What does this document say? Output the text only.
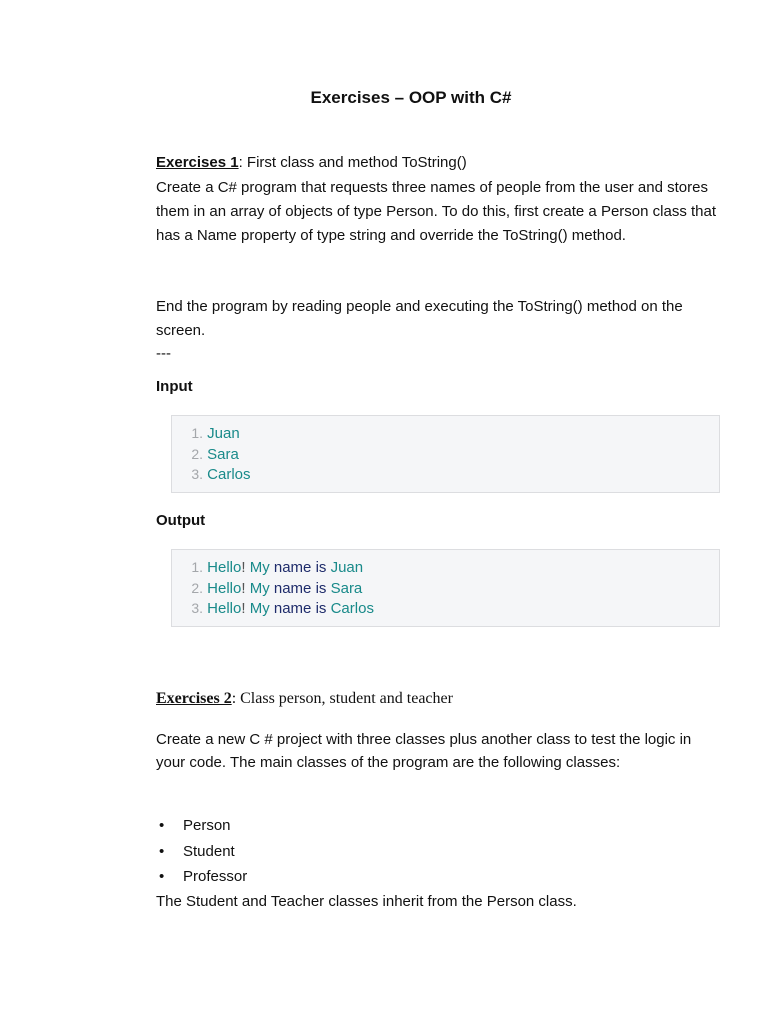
Exercises – OOP with C#

Exercises 1: First class and method ToString()

Create a C# program that requests three names of people from the user and stores them in an array of objects of type Person. To do this, first create a Person class that has a Name property of type string and override the ToString() method.

End the program by reading people and executing the ToString() method on the screen.

---

Input

1. Juan
2. Sara
3. Carlos

Output

1. Hello! My name is Juan
2. Hello! My name is Sara
3. Hello! My name is Carlos

Exercises 2: Class person, student and teacher

Create a new C # project with three classes plus another class to test the logic in your code. The main classes of the program are the following classes:

• Person
• Student
• Professor

The Student and Teacher classes inherit from the Person class.
